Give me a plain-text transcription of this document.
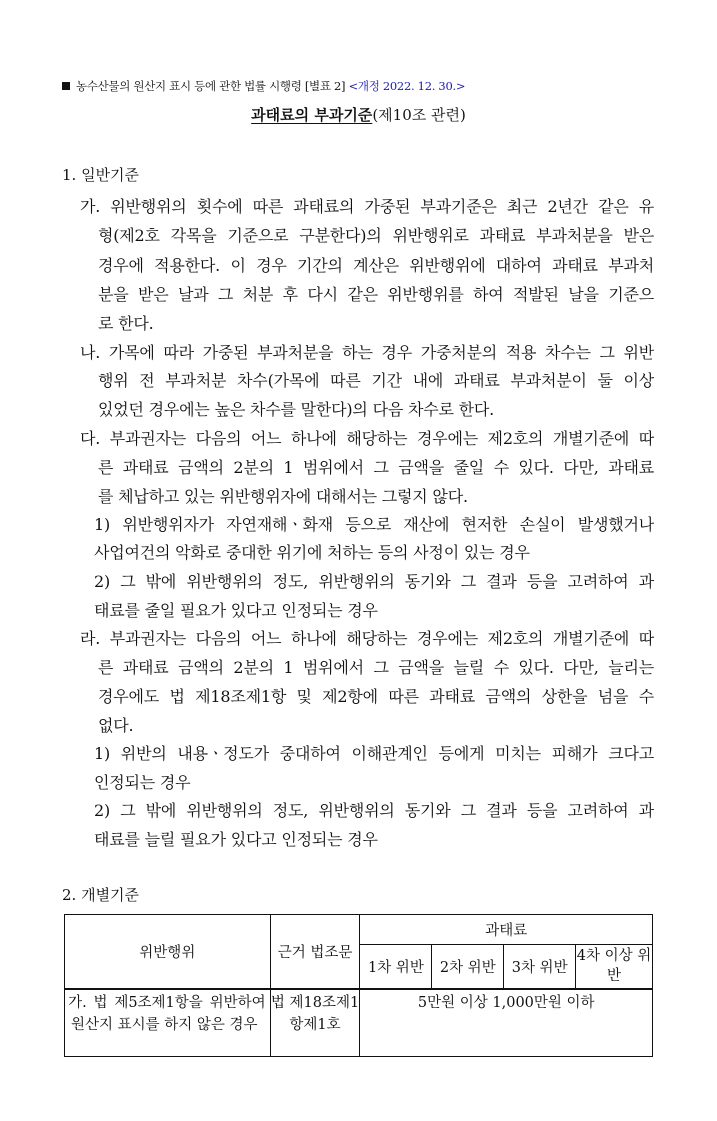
농수산물의 원산지 표시 등에 관한 법률 시행령 [별표 2] <개정 2022. 12. 30.>
과태료의 부과기준(제10조 관련)
1. 일반기준
가. 위반행위의 횟수에 따른 과태료의 가중된 부과기준은 최근 2년간 같은 유
형(제2호 각목을 기준으로 구분한다)의 위반행위로 과태료 부과처분을 받은
경우에 적용한다. 이 경우 기간의 계산은 위반행위에 대하여 과태료 부과처
분을 받은 날과 그 처분 후 다시 같은 위반행위를 하여 적발된 날을 기준으
로 한다.
나. 가목에 따라 가중된 부과처분을 하는 경우 가중처분의 적용 차수는 그 위반
행위 전 부과처분 차수(가목에 따른 기간 내에 과태료 부과처분이 둘 이상
있었던 경우에는 높은 차수를 말한다)의 다음 차수로 한다.
다. 부과권자는 다음의 어느 하나에 해당하는 경우에는 제2호의 개별기준에 따
른 과태료 금액의 2분의 1 범위에서 그 금액을 줄일 수 있다. 다만, 과태료
를 체납하고 있는 위반행위자에 대해서는 그렇지 않다.
1) 위반행위자가 자연재해ㆍ화재 등으로 재산에 현저한 손실이 발생했거나
사업여건의 악화로 중대한 위기에 처하는 등의 사정이 있는 경우
2) 그 밖에 위반행위의 정도, 위반행위의 동기와 그 결과 등을 고려하여 과
태료를 줄일 필요가 있다고 인정되는 경우
라. 부과권자는 다음의 어느 하나에 해당하는 경우에는 제2호의 개별기준에 따
른 과태료 금액의 2분의 1 범위에서 그 금액을 늘릴 수 있다. 다만, 늘리는
경우에도 법 제18조제1항 및 제2항에 따른 과태료 금액의 상한을 넘을 수
없다.
1) 위반의 내용ㆍ정도가 중대하여 이해관계인 등에게 미치는 피해가 크다고
인정되는 경우
2) 그 밖에 위반행위의 정도, 위반행위의 동기와 그 결과 등을 고려하여 과
태료를 늘릴 필요가 있다고 인정되는 경우
2. 개별기준
위반행위	근거 법조문	과태료			
		1차 위반	2차 위반	3차 위반	4차 이상 위반
가. 법 제5조제1항을 위반하여 원산지 표시를 하지 않은 경우	법 제18조제1항제1호	5만원 이상 1,000만원 이하			
